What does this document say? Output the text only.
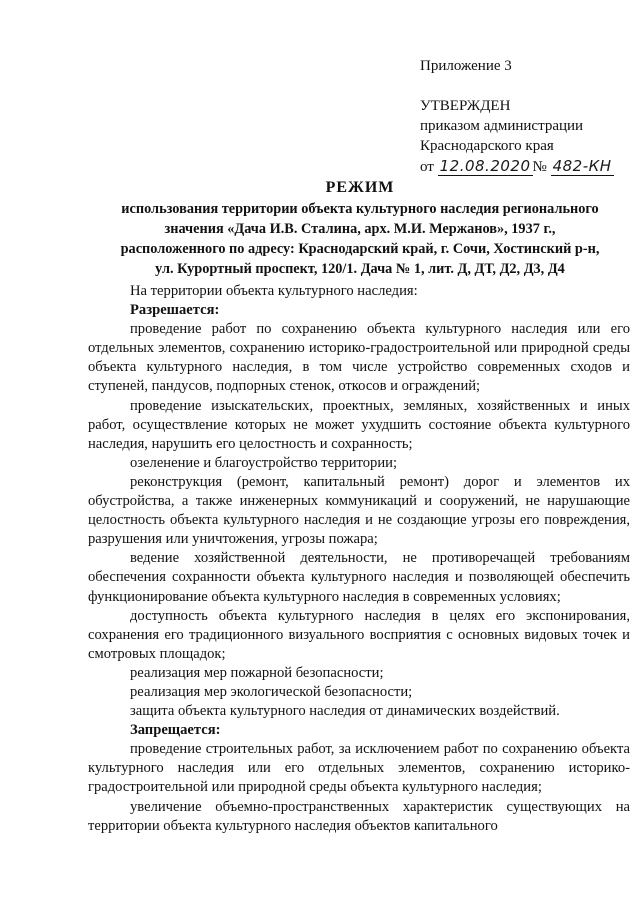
Приложение 3
УТВЕРЖДЕН
приказом администрации
Краснодарского края
от 12.08.2020 № 482-КН
РЕЖИМ
использования территории объекта культурного наследия регионального
значения «Дача И.В. Сталина, арх. М.И. Мержанов», 1937 г.,
расположенного по адресу: Краснодарский край, г. Сочи, Хостинский р-н,
ул. Курортный проспект, 120/1. Дача № 1, лит. Д, ДТ, Д2, Д3, Д4

На территории объекта культурного наследия:

Разрешается:

проведение работ по сохранению объекта культурного наследия или его отдельных элементов, сохранению историко-градостроительной или природной среды объекта культурного наследия, в том числе устройство современных сходов и ступеней, пандусов, подпорных стенок, откосов и ограждений;

проведение изыскательских, проектных, земляных, хозяйственных и иных работ, осуществление которых не может ухудшить состояние объекта культурного наследия, нарушить его целостность и сохранность;

озеленение и благоустройство территории;

реконструкция (ремонт, капитальный ремонт) дорог и элементов их обустройства, а также инженерных коммуникаций и сооружений, не нарушающие целостность объекта культурного наследия и не создающие угрозы его повреждения, разрушения или уничтожения, угрозы пожара;

ведение хозяйственной деятельности, не противоречащей требованиям обеспечения сохранности объекта культурного наследия и позволяющей обеспечить функционирование объекта культурного наследия в современных условиях;

доступность объекта культурного наследия в целях его экспонирования, сохранения его традиционного визуального восприятия с основных видовых точек и смотровых площадок;

реализация мер пожарной безопасности;

реализация мер экологической безопасности;

защита объекта культурного наследия от динамических воздействий.

Запрещается:

проведение строительных работ, за исключением работ по сохранению объекта культурного наследия или его отдельных элементов, сохранению историко-градостроительной или природной среды объекта культурного наследия;

увеличение объемно-пространственных характеристик существующих на территории объекта культурного наследия объектов капитального
